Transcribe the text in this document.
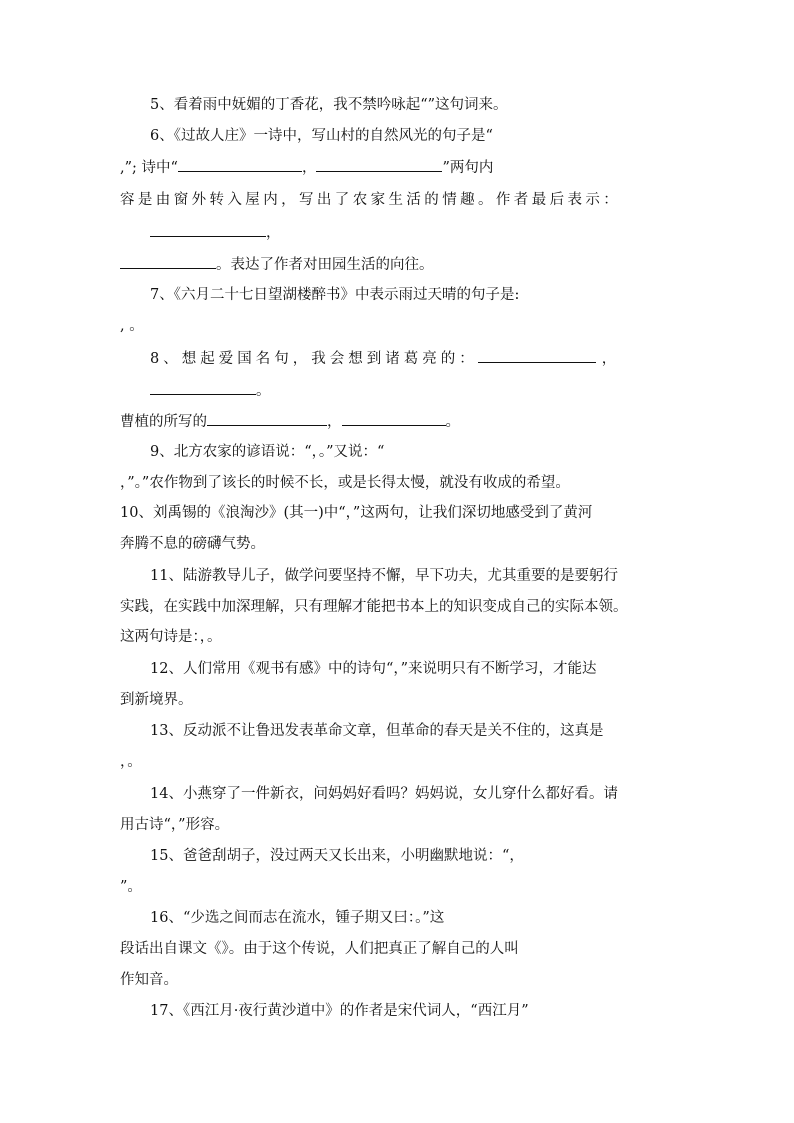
5、看着雨中妩媚的丁香花，我不禁吟咏起“”这句词来。
6、《过故人庄》一诗中，写山村的自然风光的句子是“
,”; 诗中“	，	”两句内
容是由窗外转入屋内，写出了农家生活的情趣。作者最后表示：
，
。表达了作者对田园生活的向往。
7、《六月二十七日望湖楼醉书》中表示雨过天晴的句子是:
, 。
8、想起爱国名句，我会想到诸葛亮的：	，
。
曹植的所写的	，	。
9、北方农家的谚语说：“，。”又说：“
，”。”农作物到了该长的时候不长，或是长得太慢，就没有收成的希望。
10、刘禹锡的《浪淘沙》(其一)中“，”这两句，让我们深切地感受到了黄河
奔腾不息的磅礴气势。
11、陆游教导儿子，做学问要坚持不懈，早下功夫，尤其重要的是要躬行
实践，在实践中加深理解，只有理解才能把书本上的知识变成自己的实际本领。
这两句诗是：，。
12、人们常用《观书有感》中的诗句“，”来说明只有不断学习，才能达
到新境界。
13、反动派不让鲁迅发表革命文章，但革命的春天是关不住的，这真是
，。
14、小燕穿了一件新衣，问妈妈好看吗？妈妈说，女儿穿什么都好看。请
用古诗“，”形容。
15、爸爸刮胡子，没过两天又长出来，小明幽默地说：“，
”。
16、“少选之间而志在流水，锺子期又曰：。”这
段话出自课文《》。由于这个传说，人们把真正了解自己的人叫
作知音。
17、《西江月·夜行黄沙道中》的作者是宋代词人，“西江月”
